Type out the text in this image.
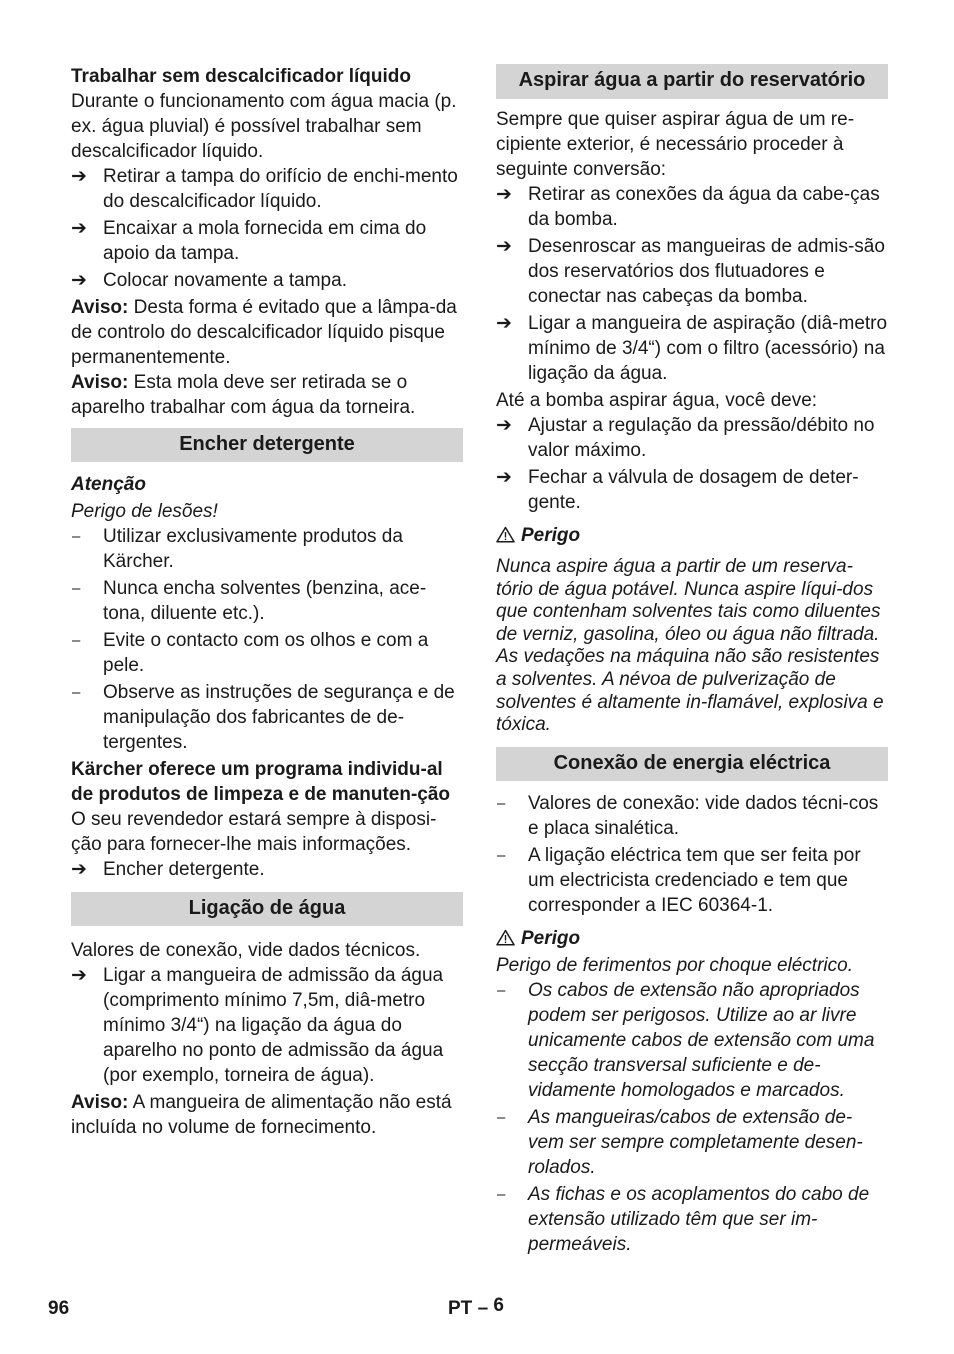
Trabalhar sem descalcificador líquido

Durante o funcionamento com água macia (p. ex. água pluvial) é possível trabalhar sem descalcificador líquido.

➔ Retirar a tampa do orifício de enchi-mento do descalcificador líquido.
➔ Encaixar a mola fornecida em cima do apoio da tampa.
➔ Colocar novamente a tampa.

Aviso: Desta forma é evitado que a lâmpa-da de controlo do descalcificador líquido pisque permanentemente.

Aviso: Esta mola deve ser retirada se o aparelho trabalhar com água da torneira.

Encher detergente

Atenção

Perigo de lesões!

–	Utilizar exclusivamente produtos da Kärcher.
–	Nunca encha solventes (benzina, ace-tona, diluente etc.).
–	Evite o contacto com os olhos e com a pele.
–	Observe as instruções de segurança e de manipulação dos fabricantes de de-tergentes.

Kärcher oferece um programa individu-al de produtos de limpeza e de manuten-ção

O seu revendedor estará sempre à disposi-ção para fornecer-lhe mais informações.

➔ Encher detergente.
Ligação de água

Valores de conexão, vide dados técnicos.

➔ Ligar a mangueira de admissão da água (comprimento mínimo 7,5m, diâ-metro mínimo 3/4“) na ligação da água do aparelho no ponto de admissão da água (por exemplo, torneira de água).

Aviso: A mangueira de alimentação não está incluída no volume de fornecimento.

Aspirar água a partir do reservatório

Sempre que quiser aspirar água de um re-cipiente exterior, é necessário proceder à seguinte conversão:

➔ Retirar as conexões da água da cabe-ças da bomba.
➔ Desenroscar as mangueiras de admis-são dos reservatórios dos flutuadores e conectar nas cabeças da bomba.
➔ Ligar a mangueira de aspiração (diâ-metro mínimo de 3/4“) com o filtro (acessório) na ligação da água.

Até a bomba aspirar água, você deve:

➔ Ajustar a regulação da pressão/débito no valor máximo.
➔ Fechar a válvula de dosagem de deter-gente.

Perigo

Nunca aspire água a partir de um reserva-tório de água potável. Nunca aspire líqui-dos que contenham solventes tais como diluentes de verniz, gasolina, óleo ou água não filtrada. As vedações na máquina não são resistentes a solventes. A névoa de pulverização de solventes é altamente in-flamável, explosiva e tóxica.

Conexão de energia eléctrica
–	Valores de conexão: vide dados técni-cos e placa sinalética.
–	A ligação eléctrica tem que ser feita por um electricista credenciado e tem que corresponder a IEC 60364-1.

Perigo

Perigo de ferimentos por choque eléctrico.

–	Os cabos de extensão não apropriados podem ser perigosos. Utilize ao ar livre unicamente cabos de extensão com uma secção transversal suficiente e de-vidamente homologados e marcados.
–	As mangueiras/cabos de extensão de-vem ser sempre completamente desen-rolados.
–	As fichas e os acoplamentos do cabo de extensão utilizado têm que ser im-permeáveis.
96	PT – 6
